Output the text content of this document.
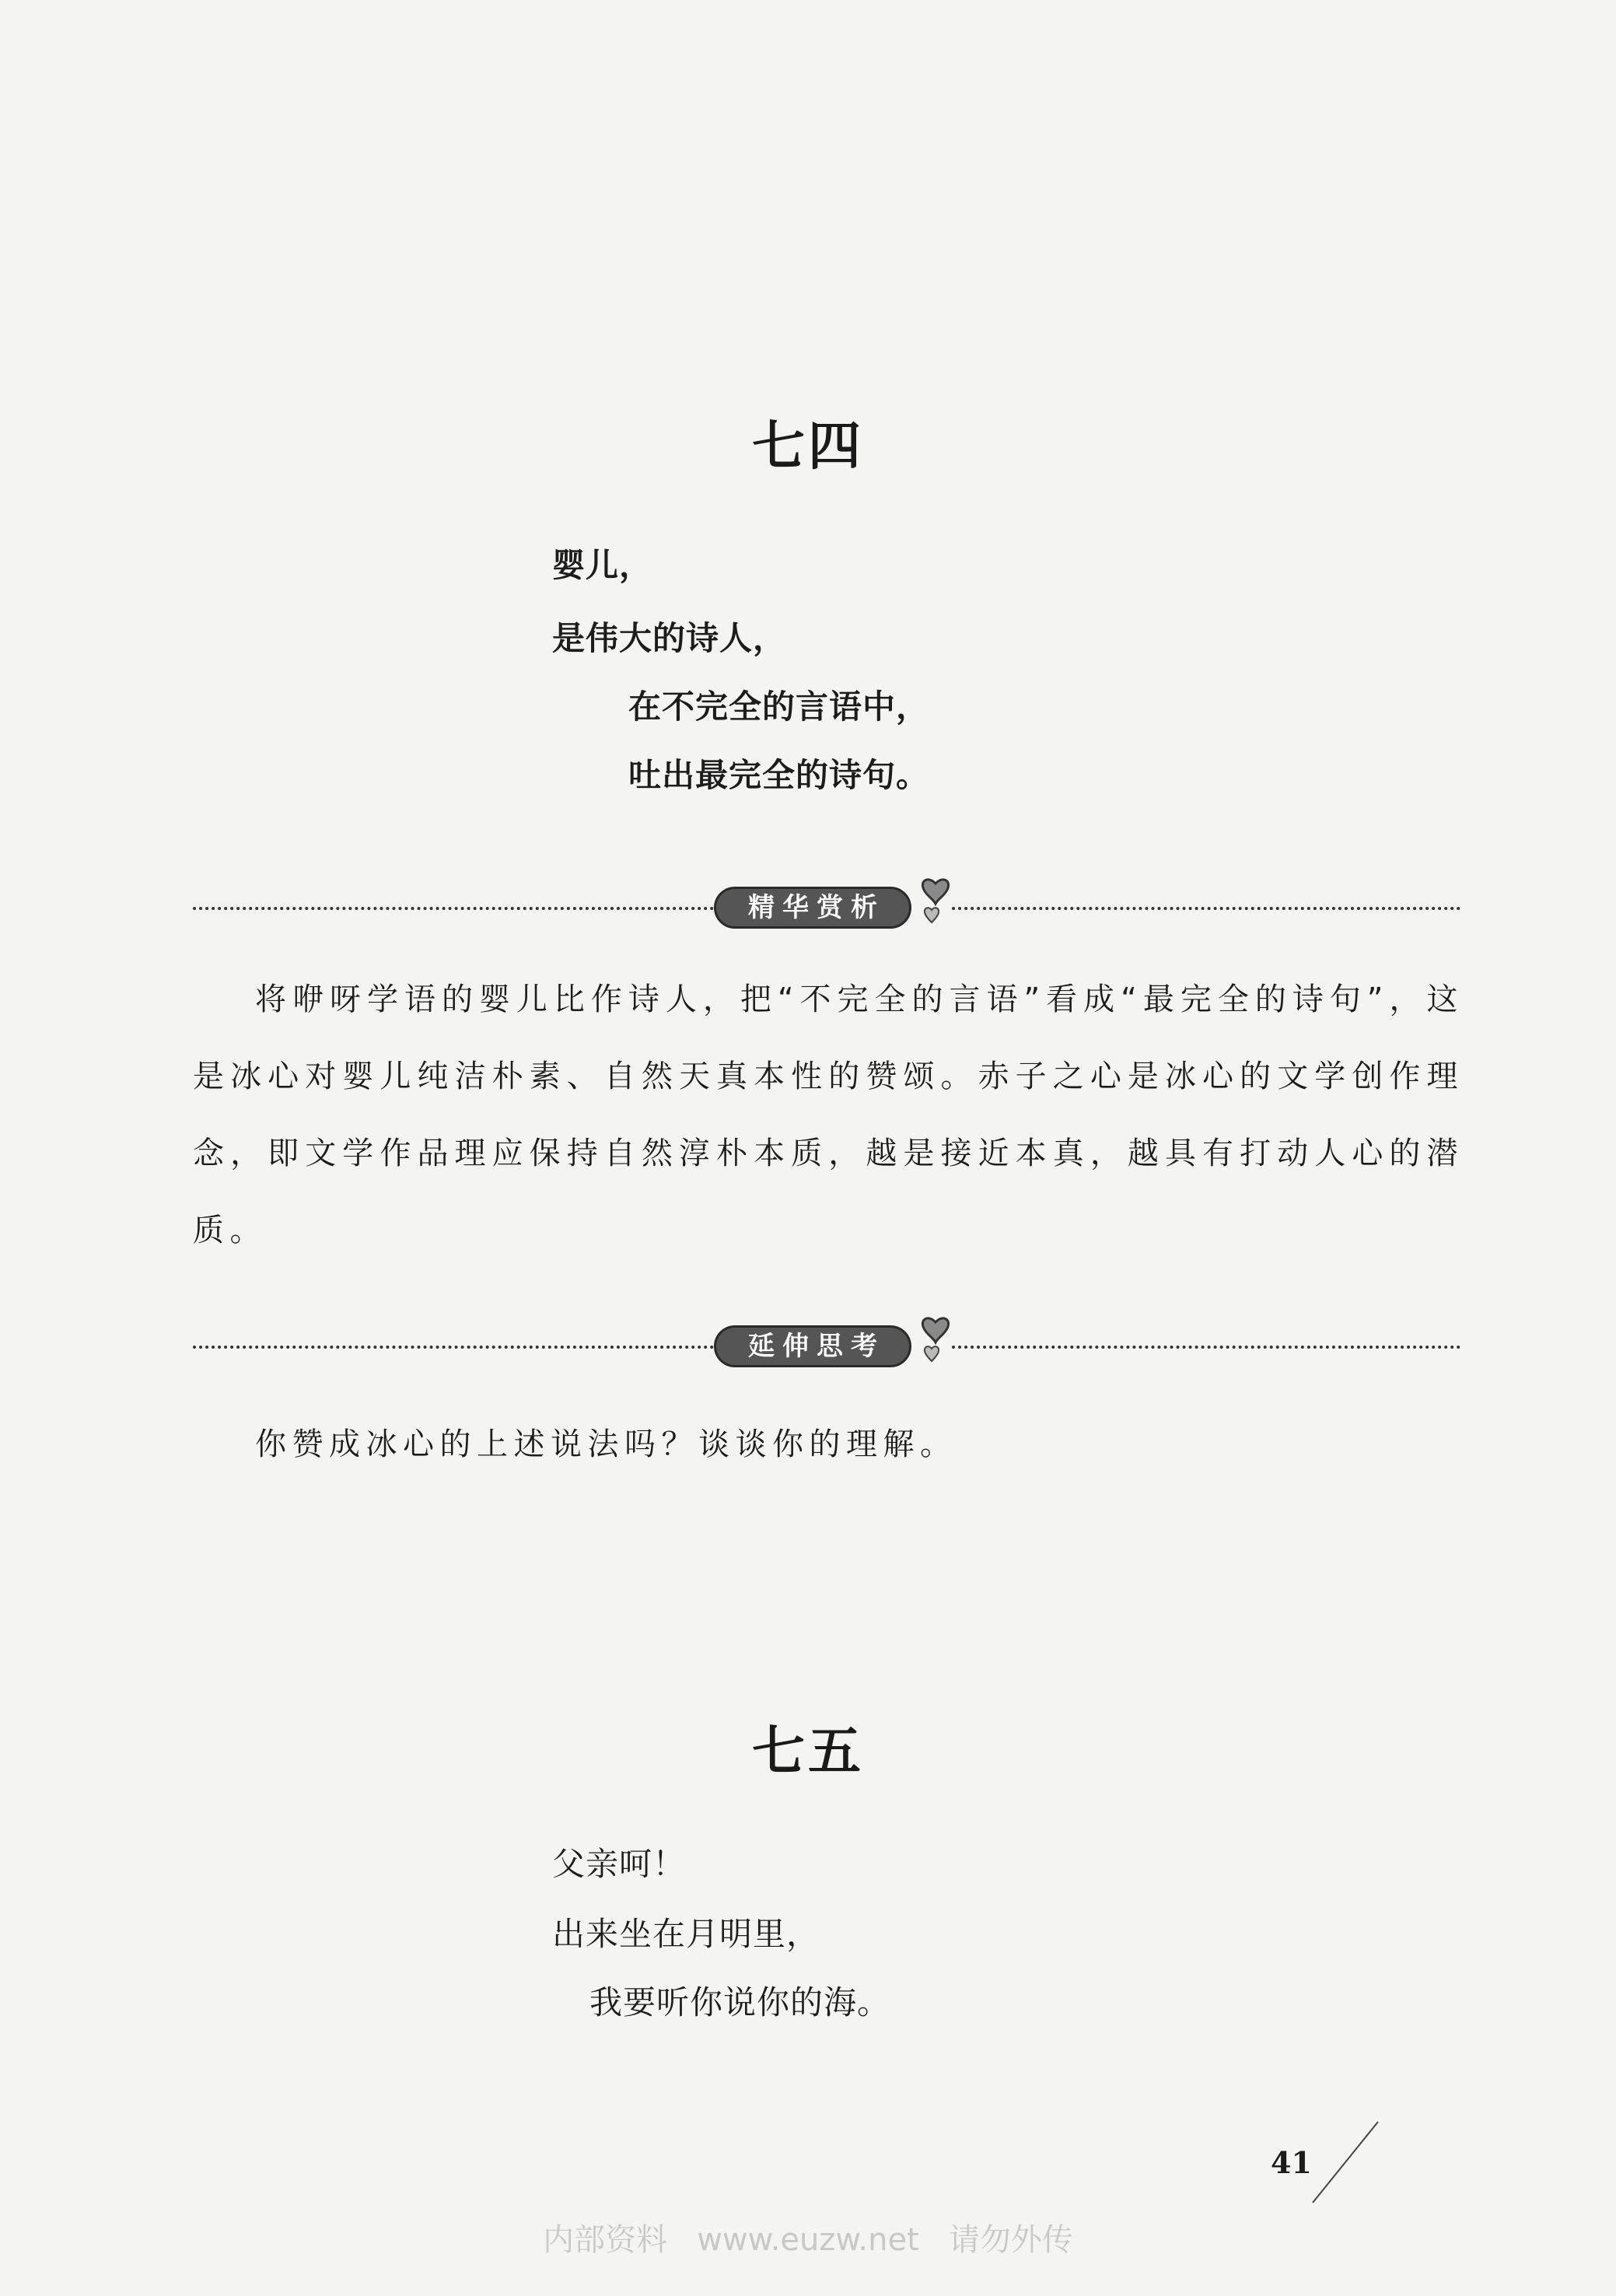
七四
婴儿，
是伟大的诗人，
在不完全的言语中，
吐出最完全的诗句。
精华赏析

将咿呀学语的婴儿比作诗人，把“不完全的言语”看成“最完全的诗句”，这是冰心对婴儿纯洁朴素、自然天真本性的赞颂。赤子之心是冰心的文学创作理念，即文学作品理应保持自然淳朴本质，越是接近本真，越具有打动人心的潜质。

延伸思考

你赞成冰心的上述说法吗？谈谈你的理解。

七五
父亲呵！
出来坐在月明里，
我要听你说你的海。
41
内部资料   www.euzw.net   请勿外传
